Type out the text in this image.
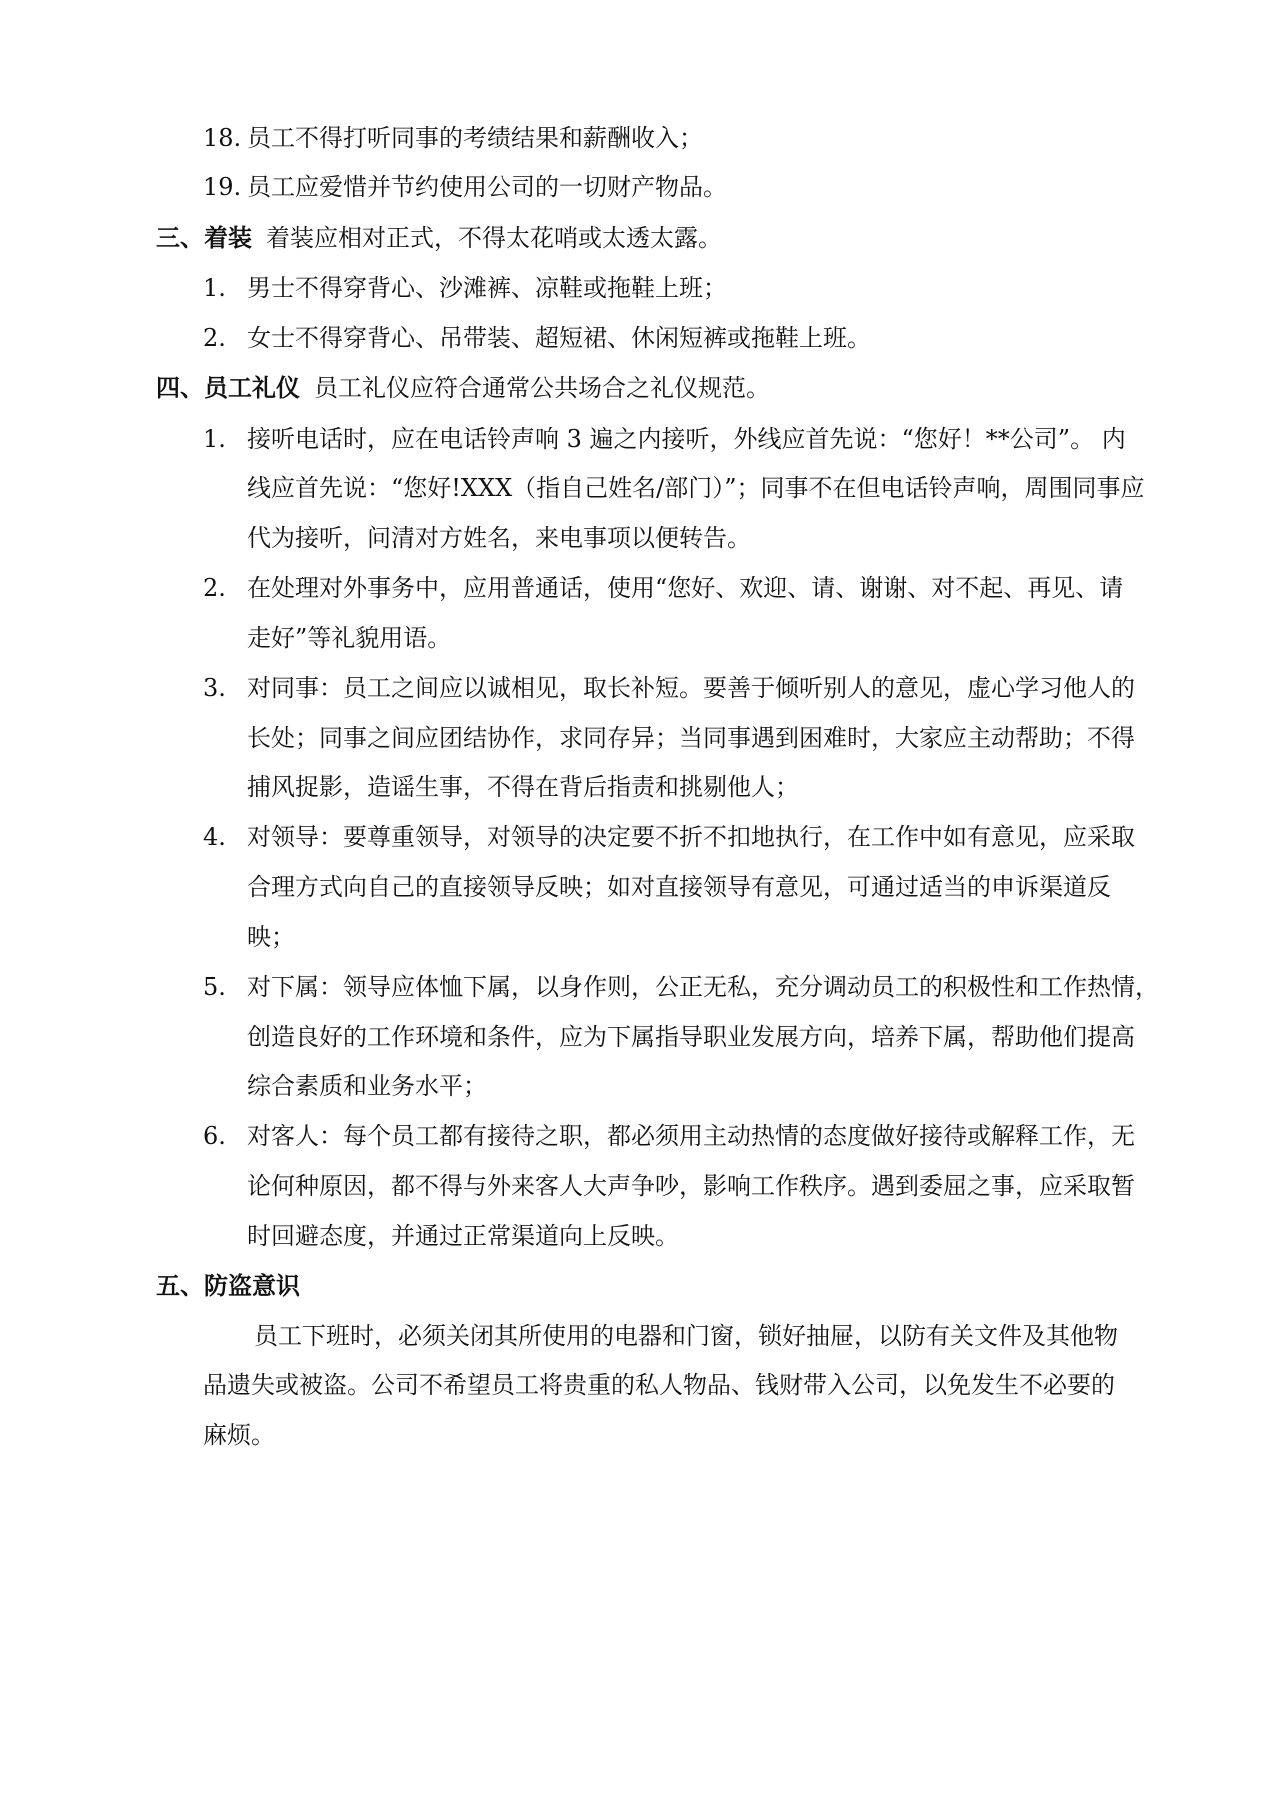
18. 员工不得打听同事的考绩结果和薪酬收入；
19. 员工应爱惜并节约使用公司的一切财产物品。
三、着装 着装应相对正式，不得太花哨或太透太露。
1. 男士不得穿背心、沙滩裤、凉鞋或拖鞋上班；
2. 女士不得穿背心、吊带装、超短裙、休闲短裤或拖鞋上班。
四、员工礼仪 员工礼仪应符合通常公共场合之礼仪规范。
1. 接听电话时，应在电话铃声响 3 遍之内接听，外线应首先说：“您好！**公司”。 内
线应首先说：“您好!XXX（指自己姓名/部门）”；同事不在但电话铃声响，周围同事应
代为接听，问清对方姓名，来电事项以便转告。
2. 在处理对外事务中，应用普通话，使用“您好、欢迎、请、谢谢、对不起、再见、请
走好”等礼貌用语。
3. 对同事：员工之间应以诚相见，取长补短。要善于倾听别人的意见，虚心学习他人的
长处；同事之间应团结协作，求同存异；当同事遇到困难时，大家应主动帮助；不得
捕风捉影，造谣生事，不得在背后指责和挑剔他人；
4. 对领导：要尊重领导，对领导的决定要不折不扣地执行，在工作中如有意见，应采取
合理方式向自己的直接领导反映；如对直接领导有意见，可通过适当的申诉渠道反
映；
5. 对下属：领导应体恤下属，以身作则，公正无私，充分调动员工的积极性和工作热情，
创造良好的工作环境和条件，应为下属指导职业发展方向，培养下属，帮助他们提高
综合素质和业务水平；
6. 对客人：每个员工都有接待之职，都必须用主动热情的态度做好接待或解释工作，无
论何种原因，都不得与外来客人大声争吵，影响工作秩序。遇到委屈之事，应采取暂
时回避态度，并通过正常渠道向上反映。
五、防盗意识
员工下班时，必须关闭其所使用的电器和门窗，锁好抽屉，以防有关文件及其他物
品遗失或被盗。公司不希望员工将贵重的私人物品、钱财带入公司，以免发生不必要的
麻烦。
